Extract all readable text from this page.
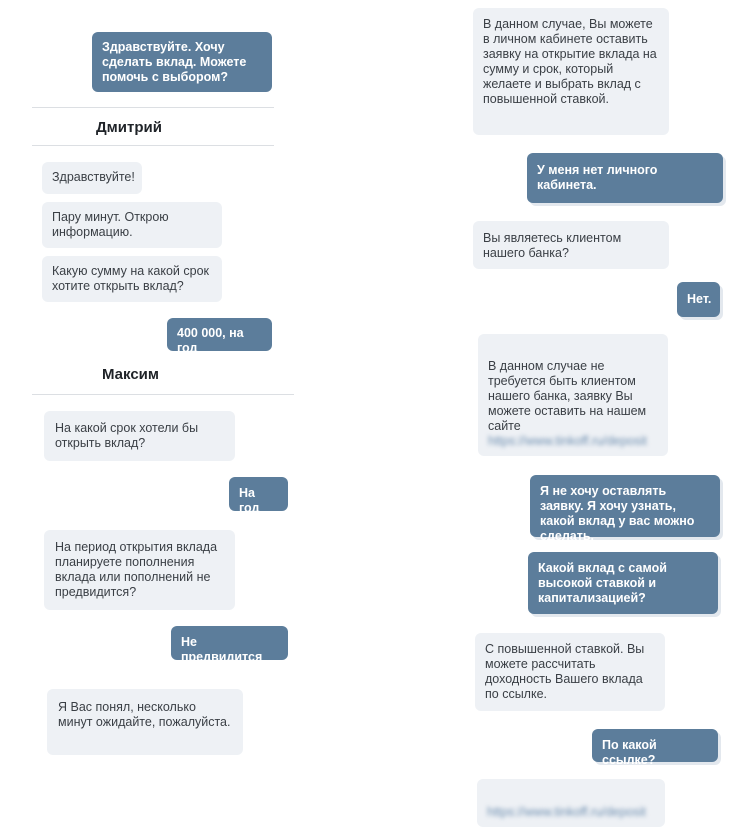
Здравствуйте. Хочу сделать вклад. Можете помочь с выбором?
Дмитрий
Здравствуйте!
Пару минут. Открою информацию.
Какую сумму на какой срок хотите открыть вклад?
400 000, на год
Максим
На какой срок хотели бы открыть вклад?
На год
На период открытия вклада планируете пополнения вклада или пополнений не предвидится?
Не предвидится
Я Вас понял, несколько минут ожидайте, пожалуйста.
В данном случае, Вы можете в личном кабинете оставить заявку на открытие вклада на сумму и срок, который желаете и выбрать вклад с повышенной ставкой.
У меня нет личного кабинета.
Вы являетесь клиентом нашего банка?
Нет.

В данном случае не требуется быть клиентом нашего банка, заявку Вы можете оставить на нашем сайте

https://www.tinkoff.ru/deposit

Я не хочу оставлять заявку. Я хочу узнать, какой вклад у вас можно сделать.
Какой вклад с самой высокой ставкой и капитализацией?
С повышенной ставкой. Вы можете рассчитать доходность Вашего вклада по ссылке.
По какой ссылке?

https://www.tinkoff.ru/deposit
